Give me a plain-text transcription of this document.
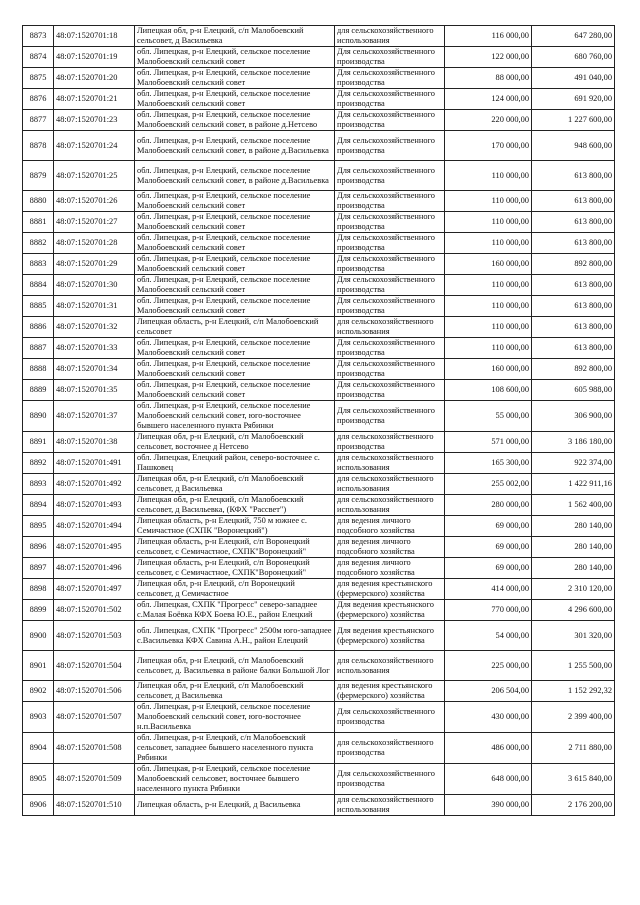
8873	48:07:1520701:18	Липецкая обл, р-н Елецкий, с/п Малобоевский сельсовет, д Васильевка	для сельскохозяйственного использования	116 000,00	647 280,00
8874	48:07:1520701:19	обл. Липецкая, р-н Елецкий, сельское поселение Малобоевский сельский совет	Для сельскохозяйственного производства	122 000,00	680 760,00
8875	48:07:1520701:20	обл. Липецкая, р-н Елецкий, сельское поселение Малобоевский сельский совет	Для сельскохозяйственного производства	88 000,00	491 040,00
8876	48:07:1520701:21	обл. Липецкая, р-н Елецкий, сельское поселение Малобоевский сельский совет	Для сельскохозяйственного производства	124 000,00	691 920,00
8877	48:07:1520701:23	обл. Липецкая, р-н Елецкий, сельское поселение Малобоевский сельский совет, в районе д.Нетсево	Для сельскохозяйственного производства	220 000,00	1 227 600,00
8878	48:07:1520701:24	обл. Липецкая, р-н Елецкий, сельское поселение Малобоевский сельский совет, в районе д.Васильевка	Для сельскохозяйственного производства	170 000,00	948 600,00
8879	48:07:1520701:25	обл. Липецкая, р-н Елецкий, сельское поселение Малобоевский сельский совет, в районе д.Васильевка	Для сельскохозяйственного производства	110 000,00	613 800,00
8880	48:07:1520701:26	обл. Липецкая, р-н Елецкий, сельское поселение Малобоевский сельский совет	Для сельскохозяйственного производства	110 000,00	613 800,00
8881	48:07:1520701:27	обл. Липецкая, р-н Елецкий, сельское поселение Малобоевский сельский совет	Для сельскохозяйственного производства	110 000,00	613 800,00
8882	48:07:1520701:28	обл. Липецкая, р-н Елецкий, сельское поселение Малобоевский сельский совет	Для сельскохозяйственного производства	110 000,00	613 800,00
8883	48:07:1520701:29	обл. Липецкая, р-н Елецкий, сельское поселение Малобоевский сельский совет	Для сельскохозяйственного производства	160 000,00	892 800,00
8884	48:07:1520701:30	обл. Липецкая, р-н Елецкий, сельское поселение Малобоевский сельский совет	Для сельскохозяйственного производства	110 000,00	613 800,00
8885	48:07:1520701:31	обл. Липецкая, р-н Елецкий, сельское поселение Малобоевский сельский совет	Для сельскохозяйственного производства	110 000,00	613 800,00
8886	48:07:1520701:32	Липецкая область, р-н Елецкий, с/п Малобоевский сельсовет	для сельскохозяйственного использования	110 000,00	613 800,00
8887	48:07:1520701:33	обл. Липецкая, р-н Елецкий, сельское поселение Малобоевский сельский совет	Для сельскохозяйственного производства	110 000,00	613 800,00
8888	48:07:1520701:34	обл. Липецкая, р-н Елецкий, сельское поселение Малобоевский сельский совет	Для сельскохозяйственного производства	160 000,00	892 800,00
8889	48:07:1520701:35	обл. Липецкая, р-н Елецкий, сельское поселение Малобоевский сельский совет	Для сельскохозяйственного производства	108 600,00	605 988,00
8890	48:07:1520701:37	обл. Липецкая, р-н Елецкий, сельское поселение Малобоевский сельский совет, юго-восточнее бывшего населенного пункта Рябинки	Для сельскохозяйственного производства	55 000,00	306 900,00
8891	48:07:1520701:38	Липецкая обл, р-н Елецкий, с/п Малобоевский сельсовет, восточнее д Нетсево	для сельскохозяйственного производства	571 000,00	3 186 180,00
8892	48:07:1520701:491	обл. Липецкая, Елецкий район, северо-восточнее с. Пашковец	для сельскохозяйственного использования	165 300,00	922 374,00
8893	48:07:1520701:492	Липецкая обл, р-н Елецкий, с/п Малобоевский сельсовет, д Васильевка	для сельскохозяйственного использования	255 002,00	1 422 911,16
8894	48:07:1520701:493	Липецкая обл, р-н Елецкий, с/п Малобоевский сельсовет, д Васильевка, (КФХ "Рассвет")	для сельскохозяйственного использования	280 000,00	1 562 400,00
8895	48:07:1520701:494	Липецкая область, р-н Елецкий, 750 м южнее с. Семичастное (СХПК "Воронецкий")	для ведения личного подсобного хозяйства	69 000,00	280 140,00
8896	48:07:1520701:495	Липецкая область, р-н Елецкий, с/п Воронецкий сельсовет, с Семичастное, СХПК"Воронецкий"	для ведения личного подсобного хозяйства	69 000,00	280 140,00
8897	48:07:1520701:496	Липецкая область, р-н Елецкий, с/п Воронецкий сельсовет, с Семичастное, СХПК"Воронецкий"	для ведения личного подсобного хозяйства	69 000,00	280 140,00
8898	48:07:1520701:497	Липецкая обл, р-н Елецкий, с/п Воронецкий сельсовет, д Семичастное	для ведения крестьянского (фермерского) хозяйства	414 000,00	2 310 120,00
8899	48:07:1520701:502	обл. Липецкая, СХПК "Прогресс" северо-западнее с.Малая Боёвка КФХ Боева Ю.Е., район Елецкий	Для ведения крестьянского (фермерского) хозяйства	770 000,00	4 296 600,00
8900	48:07:1520701:503	обл. Липецкая, СХПК "Прогресс" 2500м юго-западнее с.Васильевка КФХ Савина А.Н., район Елецкий	Для ведения крестьянского (фермерского) хозяйства	54 000,00	301 320,00
8901	48:07:1520701:504	Липецкая обл, р-н Елецкий, с/п Малобоевский сельсовет, д. Васильевка в районе балки Большой Лог	для сельскохозяйственного использования	225 000,00	1 255 500,00
8902	48:07:1520701:506	Липецкая обл, р-н Елецкий, с/п Малобоевский сельсовет, д Васильевка	для ведения крестьянского (фермерского) хозяйства	206 504,00	1 152 292,32
8903	48:07:1520701:507	обл. Липецкая, р-н Елецкий, сельское поселение Малобоевский сельский совет, юго-восточнее н.п.Васильевка	Для сельскохозяйственного производства	430 000,00	2 399 400,00
8904	48:07:1520701:508	обл. Липецкая, р-н Елецкий, с/п Малобоевский сельсовет, западнее бывшего населенного пункта Рябинки	для сельскохозяйственного производства	486 000,00	2 711 880,00
8905	48:07:1520701:509	обл. Липецкая, р-н Елецкий, сельское поселение Малобоевский сельсовет, восточнее бывшего населенного пункта Рябинки	Для сельскохозяйственного производства	648 000,00	3 615 840,00
8906	48:07:1520701:510	Липецкая область, р-н Елецкий, д Васильевка	для сельскохозяйственного использования	390 000,00	2 176 200,00
